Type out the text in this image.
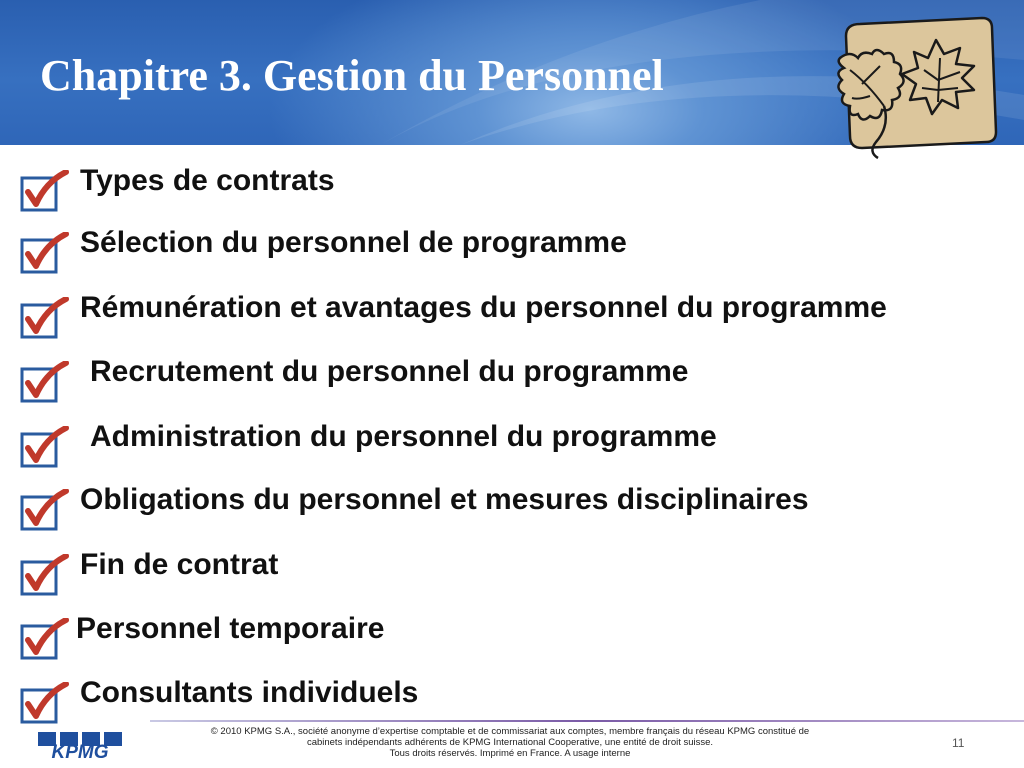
Chapitre 3. Gestion du Personnel
Types de contrats
Sélection du personnel de programme
Rémunération et avantages du personnel du programme
Recrutement du personnel du programme
Administration du personnel du programme
Obligations du personnel et mesures disciplinaires
Fin de contrat
Personnel temporaire
Consultants individuels
KPMG
© 2010 KPMG S.A., société anonyme d’expertise comptable et de commissariat aux comptes, membre français du réseau KPMG constitué de
cabinets indépendants adhérents de KPMG International Cooperative, une entité de droit suisse.
Tous droits réservés. Imprimé en France. A usage interne
11
